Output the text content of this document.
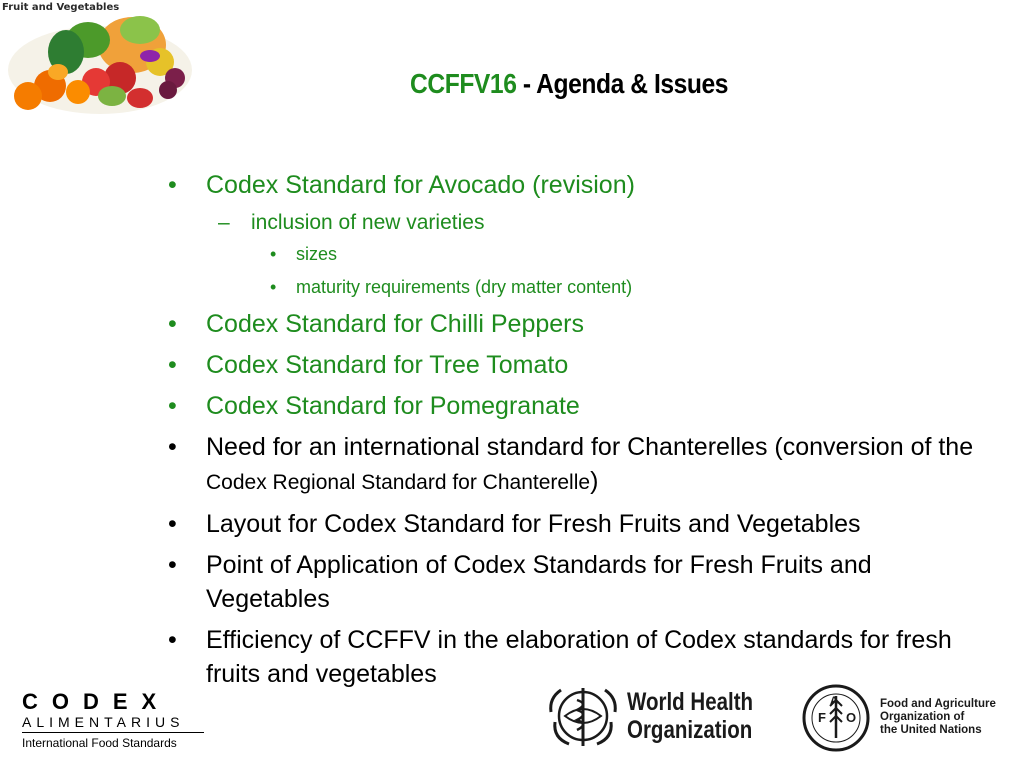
Fruit and Vegetables
CCFFV16 - Agenda & Issues
• Codex Standard for Avocado (revision)
– inclusion of new varieties
• sizes
• maturity requirements (dry matter content)
• Codex Standard for Chilli Peppers
• Codex Standard for Tree Tomato
• Codex Standard for Pomegranate
• Need for an international standard for Chanterelles (conversion of the Codex Regional Standard for Chanterelle)
• Layout for Codex Standard for Fresh Fruits and Vegetables
• Point of Application of Codex Standards for Fresh Fruits and Vegetables
• Efficiency of CCFFV in the elaboration of Codex standards for fresh fruits and vegetables
CODEX
ALIMENTARIUS
International Food Standards
World Health
Organization	F
A
O
Food and Agriculture
Organization of
the United Nations
